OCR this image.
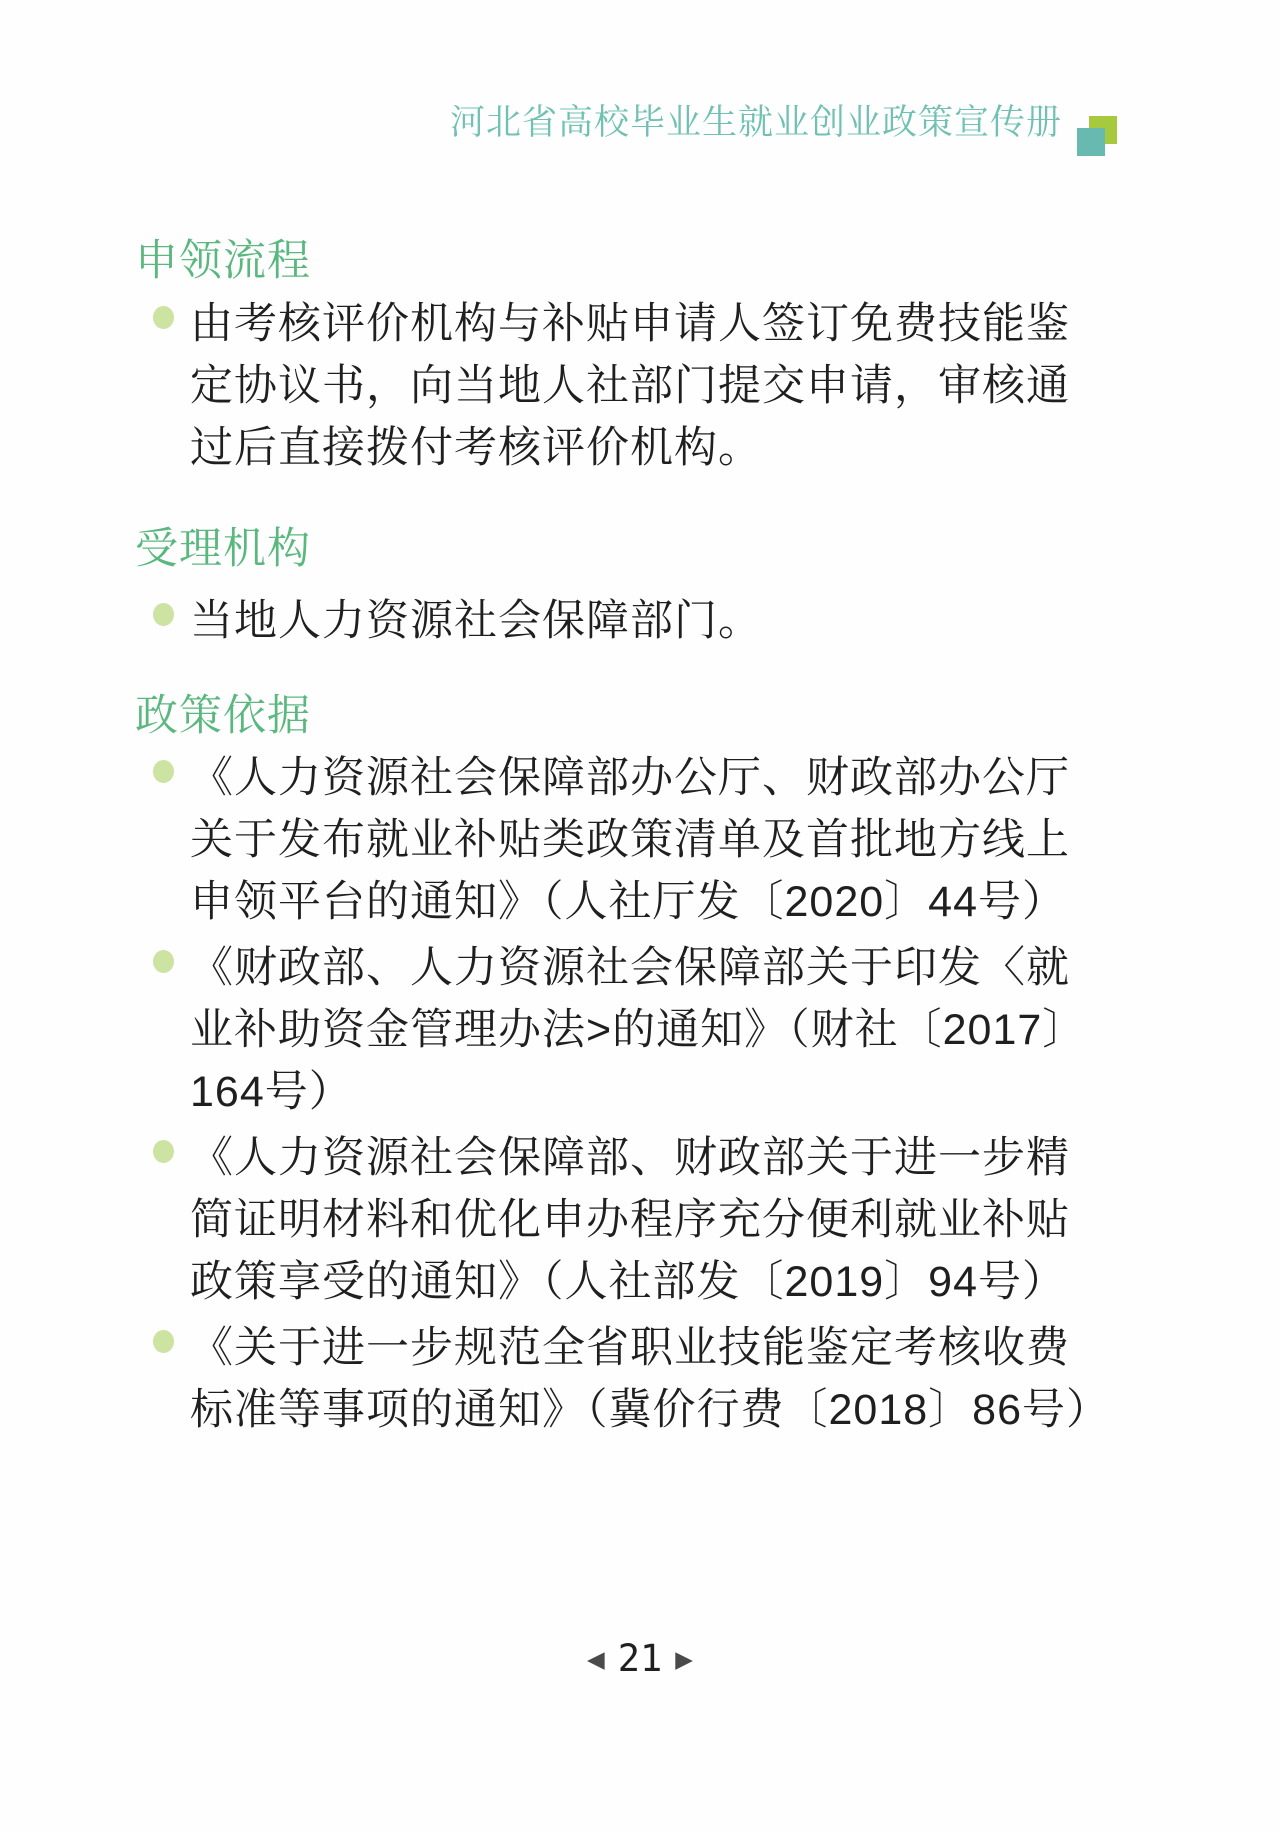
河北省高校毕业生就业创业政策宣传册
申领流程
由考核评价机构与补贴申请人签订免费技能鉴定协议书，向当地人社部门提交申请，审核通过后直接拨付考核评价机构。
受理机构
当地人力资源社会保障部门。
政策依据
《人力资源社会保障部办公厅、财政部办公厅关于发布就业补贴类政策清单及首批地方线上申领平台的通知》（人社厅发〔2020〕44号）
《财政部、人力资源社会保障部关于印发〈就业补助资金管理办法>的通知》（财社〔2017〕164号）
《人力资源社会保障部、财政部关于进一步精简证明材料和优化申办程序充分便利就业补贴政策享受的通知》（人社部发〔2019〕94号）
《关于进一步规范全省职业技能鉴定考核收费标准等事项的通知》（冀价行费〔2018〕86号）
◀ 21 ▶
